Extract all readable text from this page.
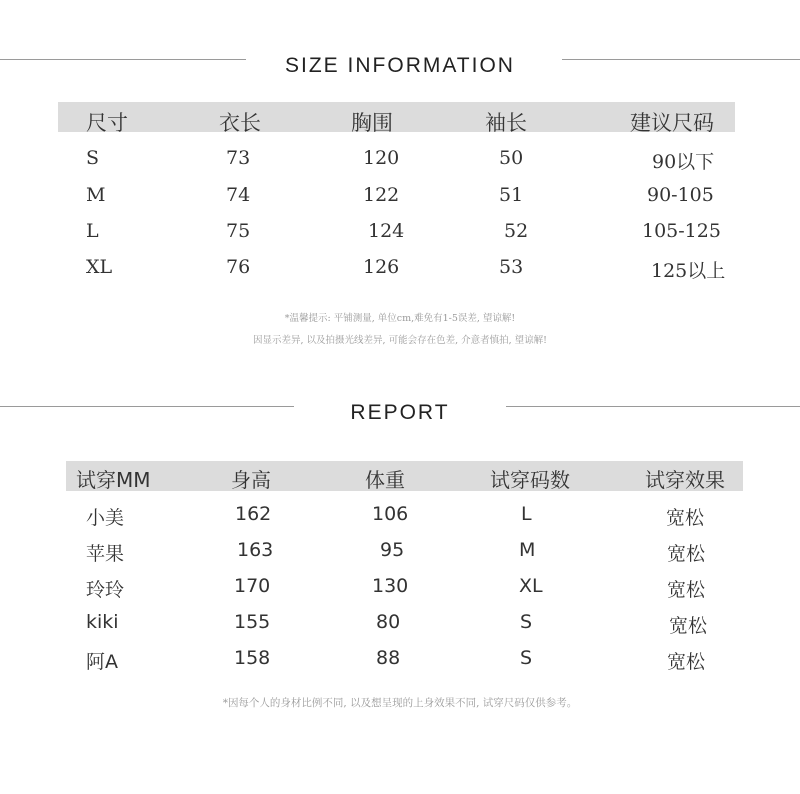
SIZE INFORMATION
尺寸	衣长	胸围	袖长	建议尺码
S	73	120	50	90以下
M	74	122	51	90-105
L	75	124	52	105-125
XL	76	126	53	125以上
*温馨提示: 平铺测量, 单位cm,难免有1-5误差, 望谅解!
因显示差异, 以及拍摄光线差异, 可能会存在色差, 介意者慎拍, 望谅解!
REPORT
试穿MM	身高	体重	试穿码数	试穿效果
小美	162	106	L	宽松
苹果	163	95	M	宽松
玲玲	170	130	XL	宽松
kiki	155	80	S	宽松
阿A	158	88	S	宽松
*因每个人的身材比例不同, 以及想呈现的上身效果不同, 试穿尺码仅供参考。
